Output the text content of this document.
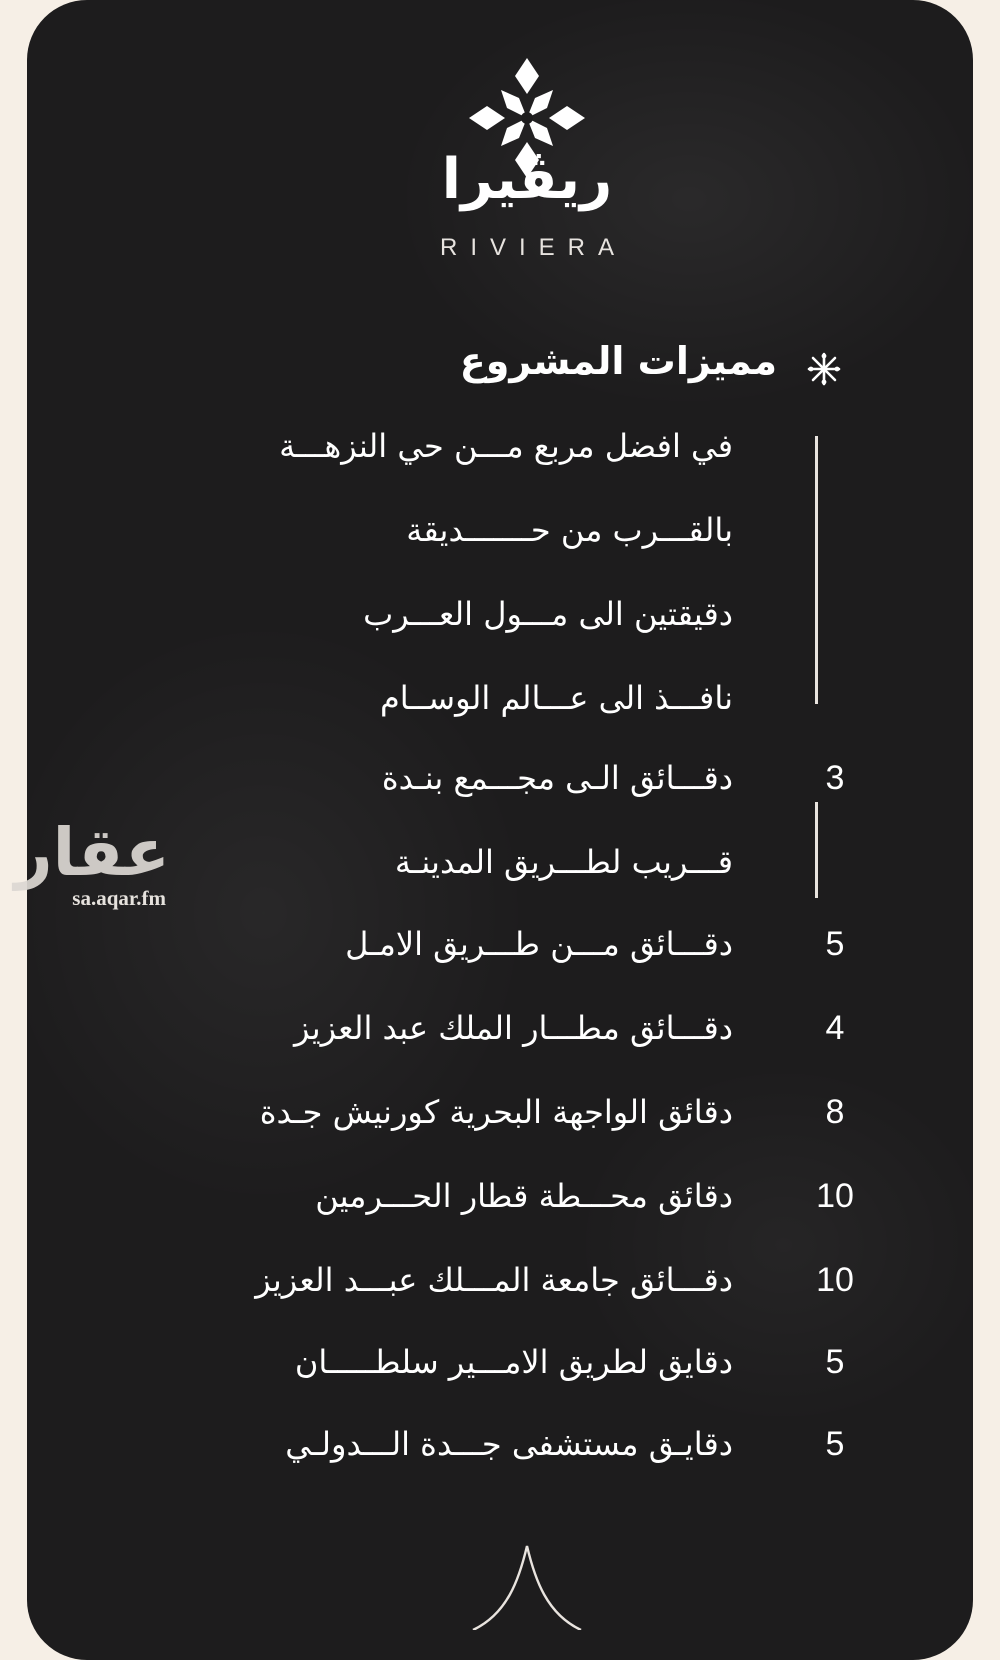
ريڤيرا
RIVIERA
مميزات المشروع
في افضل مربع مـــن حي النزهـــة
بالقـــرب من حـــــــديقة
دقيقتين الى مـــول العـــرب
نافـــذ الى عـــالم الوســام
3
دقـــائق الـى مجـــمع بنـدة
قـــريب لطـــريق المدينـة
5
دقـــائق مـــن طـــريق الامـل
4
دقـــائق مطـــار الملك عبد العزيز
8
دقائق الواجهة البحرية كورنيش جـدة
10
دقائق محـــطة قطار الحـــرمين
10
دقـــائق جامعة المـــلك عبـــد العزيز
5
دقايق لطريق الامـــير سلطـــــان
5
دقايـق مستشفى جـــدة الـــدولـي
عقار
sa.aqar.fm
